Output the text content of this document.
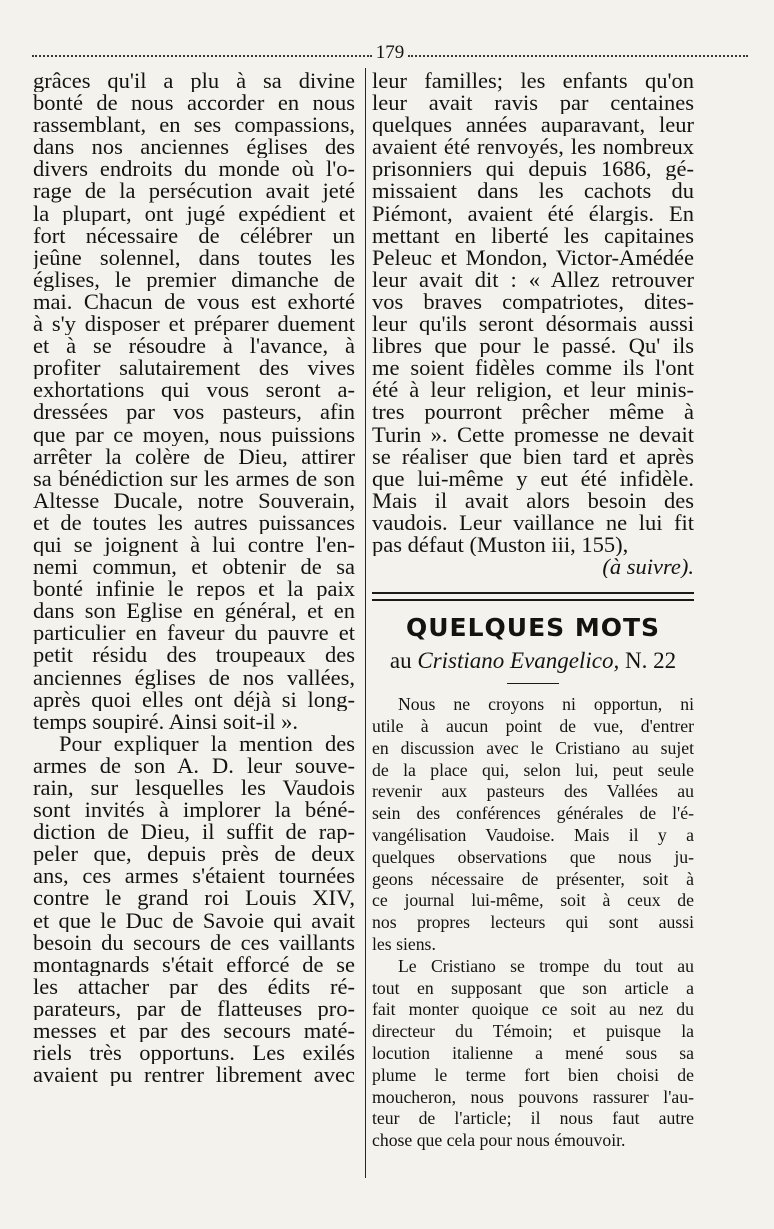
179
grâces qu'il a plu à sa divine
bonté de nous accorder en nous
rassemblant, en ses compassions,
dans nos anciennes églises des
divers endroits du monde où l'o-
rage de la persécution avait jeté
la plupart, ont jugé expédient et
fort nécessaire de célébrer un
jeûne solennel, dans toutes les
églises, le premier dimanche de
mai. Chacun de vous est exhorté
à s'y disposer et préparer duement
et à se résoudre à l'avance, à
profiter salutairement des vives
exhortations qui vous seront a-
dressées par vos pasteurs, afin
que par ce moyen, nous puissions
arrêter la colère de Dieu, attirer
sa bénédiction sur les armes de son
Altesse Ducale, notre Souverain,
et de toutes les autres puissances
qui se joignent à lui contre l'en-
nemi commun, et obtenir de sa
bonté infinie le repos et la paix
dans son Eglise en général, et en
particulier en faveur du pauvre et
petit résidu des troupeaux des
anciennes églises de nos vallées,
après quoi elles ont déjà si long-
temps soupiré. Ainsi soit-il ».
Pour expliquer la mention des
armes de son A. D. leur souve-
rain, sur lesquelles les Vaudois
sont invités à implorer la béné-
diction de Dieu, il suffit de rap-
peler que, depuis près de deux
ans, ces armes s'étaient tournées
contre le grand roi Louis XIV,
et que le Duc de Savoie qui avait
besoin du secours de ces vaillants
montagnards s'était efforcé de se
les attacher par des édits ré-
parateurs, par de flatteuses pro-
messes et par des secours maté-
riels très opportuns. Les exilés
avaient pu rentrer librement avec
leur familles; les enfants qu'on
leur avait ravis par centaines
quelques années auparavant, leur
avaient été renvoyés, les nombreux
prisonniers qui depuis 1686, gé-
missaient dans les cachots du
Piémont, avaient été élargis. En
mettant en liberté les capitaines
Peleuc et Mondon, Victor-Amédée
leur avait dit : « Allez retrouver
vos braves compatriotes, dites-
leur qu'ils seront désormais aussi
libres que pour le passé. Qu' ils
me soient fidèles comme ils l'ont
été à leur religion, et leur minis-
tres pourront prêcher même à
Turin ». Cette promesse ne devait
se réaliser que bien tard et après
que lui-même y eut été infidèle.
Mais il avait alors besoin des
vaudois. Leur vaillance ne lui fit
pas défaut (Muston iii, 155),
(à suivre).
QUELQUES MOTS
au Cristiano Evangelico, N. 22
Nous ne croyons ni opportun, ni
utile à aucun point de vue, d'entrer
en discussion avec le Cristiano au sujet
de la place qui, selon lui, peut seule
revenir aux pasteurs des Vallées au
sein des conférences générales de l'é-
vangélisation Vaudoise. Mais il y a
quelques observations que nous ju-
geons nécessaire de présenter, soit à
ce journal lui-même, soit à ceux de
nos propres lecteurs qui sont aussi
les siens.
Le Cristiano se trompe du tout au
tout en supposant que son article a
fait monter quoique ce soit au nez du
directeur du Témoin; et puisque la
locution italienne a mené sous sa
plume le terme fort bien choisi de
moucheron, nous pouvons rassurer l'au-
teur de l'article; il nous faut autre
chose que cela pour nous émouvoir.
